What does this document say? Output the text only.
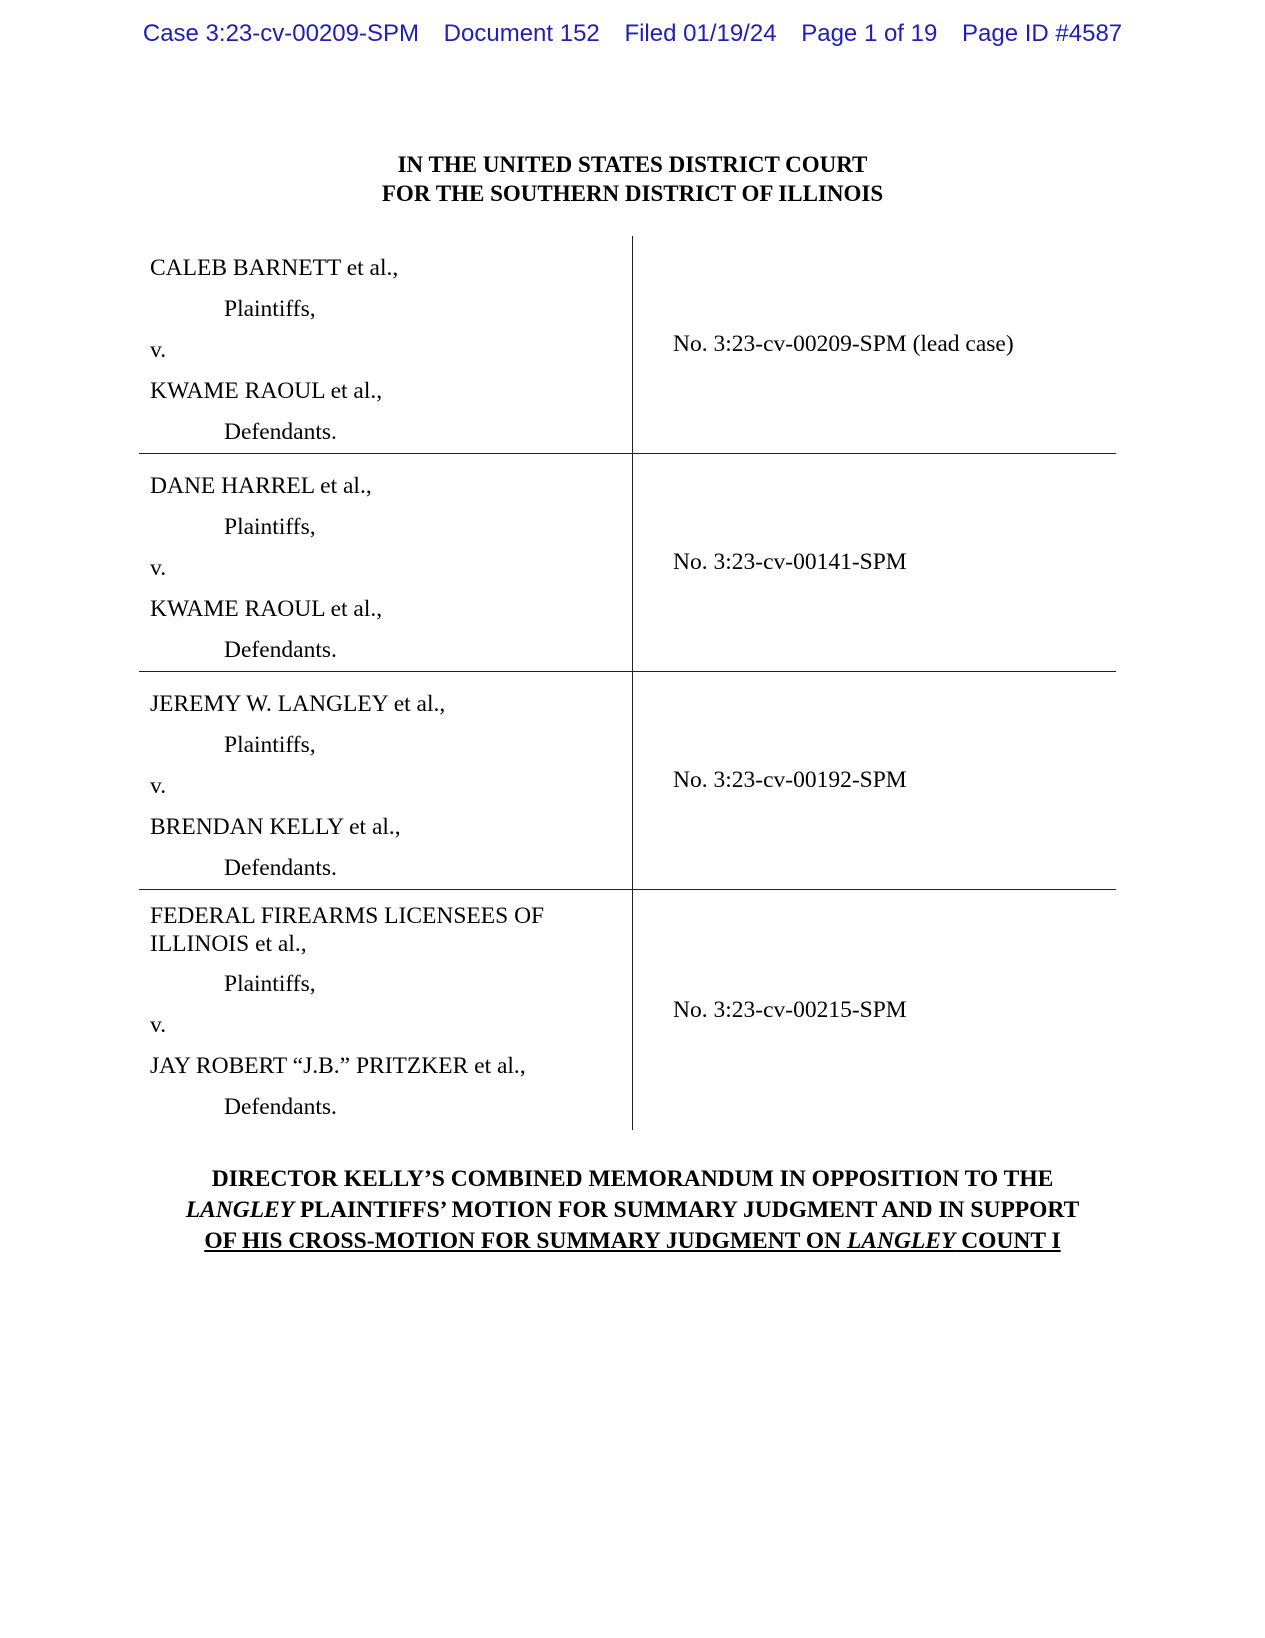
Case 3:23-cv-00209-SPM Document 152 Filed 01/19/24 Page 1 of 19 Page ID #4587
IN THE UNITED STATES DISTRICT COURT
FOR THE SOUTHERN DISTRICT OF ILLINOIS
CALEB BARNETT et al.,
Plaintiffs,
v.
KWAME RAOUL et al.,
Defendants.
No. 3:23-cv-00209-SPM (lead case)
DANE HARREL et al.,
Plaintiffs,
v.
KWAME RAOUL et al.,
Defendants.
No. 3:23-cv-00141-SPM
JEREMY W. LANGLEY et al.,
Plaintiffs,
v.
BRENDAN KELLY et al.,
Defendants.
No. 3:23-cv-00192-SPM
FEDERAL FIREARMS LICENSEES OF ILLINOIS et al.,
Plaintiffs,
v.
JAY ROBERT “J.B.” PRITZKER et al.,
Defendants.
No. 3:23-cv-00215-SPM
DIRECTOR KELLY’S COMBINED MEMORANDUM IN OPPOSITION TO THE
LANGLEY PLAINTIFFS’ MOTION FOR SUMMARY JUDGMENT AND IN SUPPORT
OF HIS CROSS-MOTION FOR SUMMARY JUDGMENT ON LANGLEY COUNT I
